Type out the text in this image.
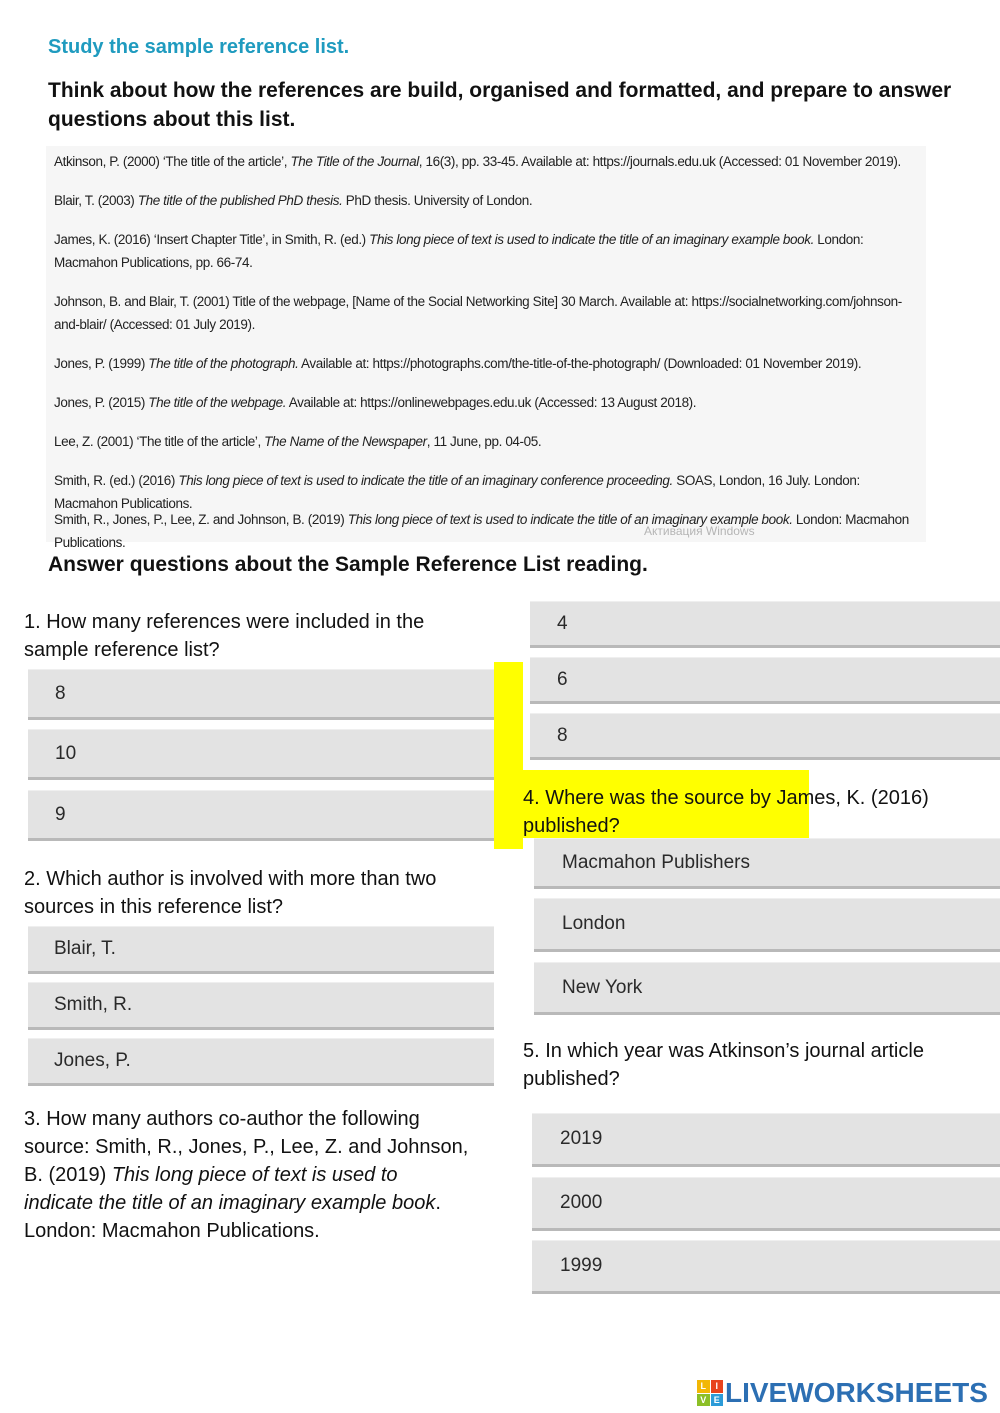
Study the sample reference list.
Think about how the references are build, organised and formatted, and prepare to answer questions about this list.
Atkinson, P. (2000) ‘The title of the article’, The Title of the Journal, 16(3), pp. 33-45. Available at: https://journals.edu.uk (Accessed: 01 November 2019).
Blair, T. (2003) The title of the published PhD thesis. PhD thesis. University of London.
James, K. (2016) ‘Insert Chapter Title’, in Smith, R. (ed.) This long piece of text is used to indicate the title of an imaginary example book. London: Macmahon Publications, pp. 66-74.
Johnson, B. and Blair, T. (2001) Title of the webpage, [Name of the Social Networking Site] 30 March. Available at: https://socialnetworking.com/johnson-and-blair/ (Accessed: 01 July 2019).
Jones, P. (1999) The title of the photograph. Available at: https://photographs.com/the-title-of-the-photograph/ (Downloaded: 01 November 2019).
Jones, P. (2015) The title of the webpage. Available at: https://onlinewebpages.edu.uk (Accessed: 13 August 2018).
Lee, Z. (2001) ‘The title of the article’, The Name of the Newspaper, 11 June, pp. 04-05.
Smith, R. (ed.) (2016) This long piece of text is used to indicate the title of an imaginary conference proceeding. SOAS, London, 16 July. London: Macmahon Publications.
Smith, R., Jones, P., Lee, Z. and Johnson, B. (2019) This long piece of text is used to indicate the title of an imaginary example book. London: Macmahon Publications.
Активация Windows
Answer questions about the Sample Reference List reading.
1. How many references were included in the sample reference list?
8
10
9
2. Which author is involved with more than two sources in this reference list?
Blair, T.
Smith, R.
Jones, P.
3. How many authors co-author the following source: Smith, R., Jones, P., Lee, Z. and Johnson, B. (2019) This long piece of text is used to indicate the title of an imaginary example book. London: Macmahon Publications.
4
6
8
4. Where was the source by James, K. (2016) published?
Macmahon Publishers
London
New York
5. In which year was Atkinson’s journal article published?
2019
2000
1999
L	I
V E LIVEWORKSHEETS
